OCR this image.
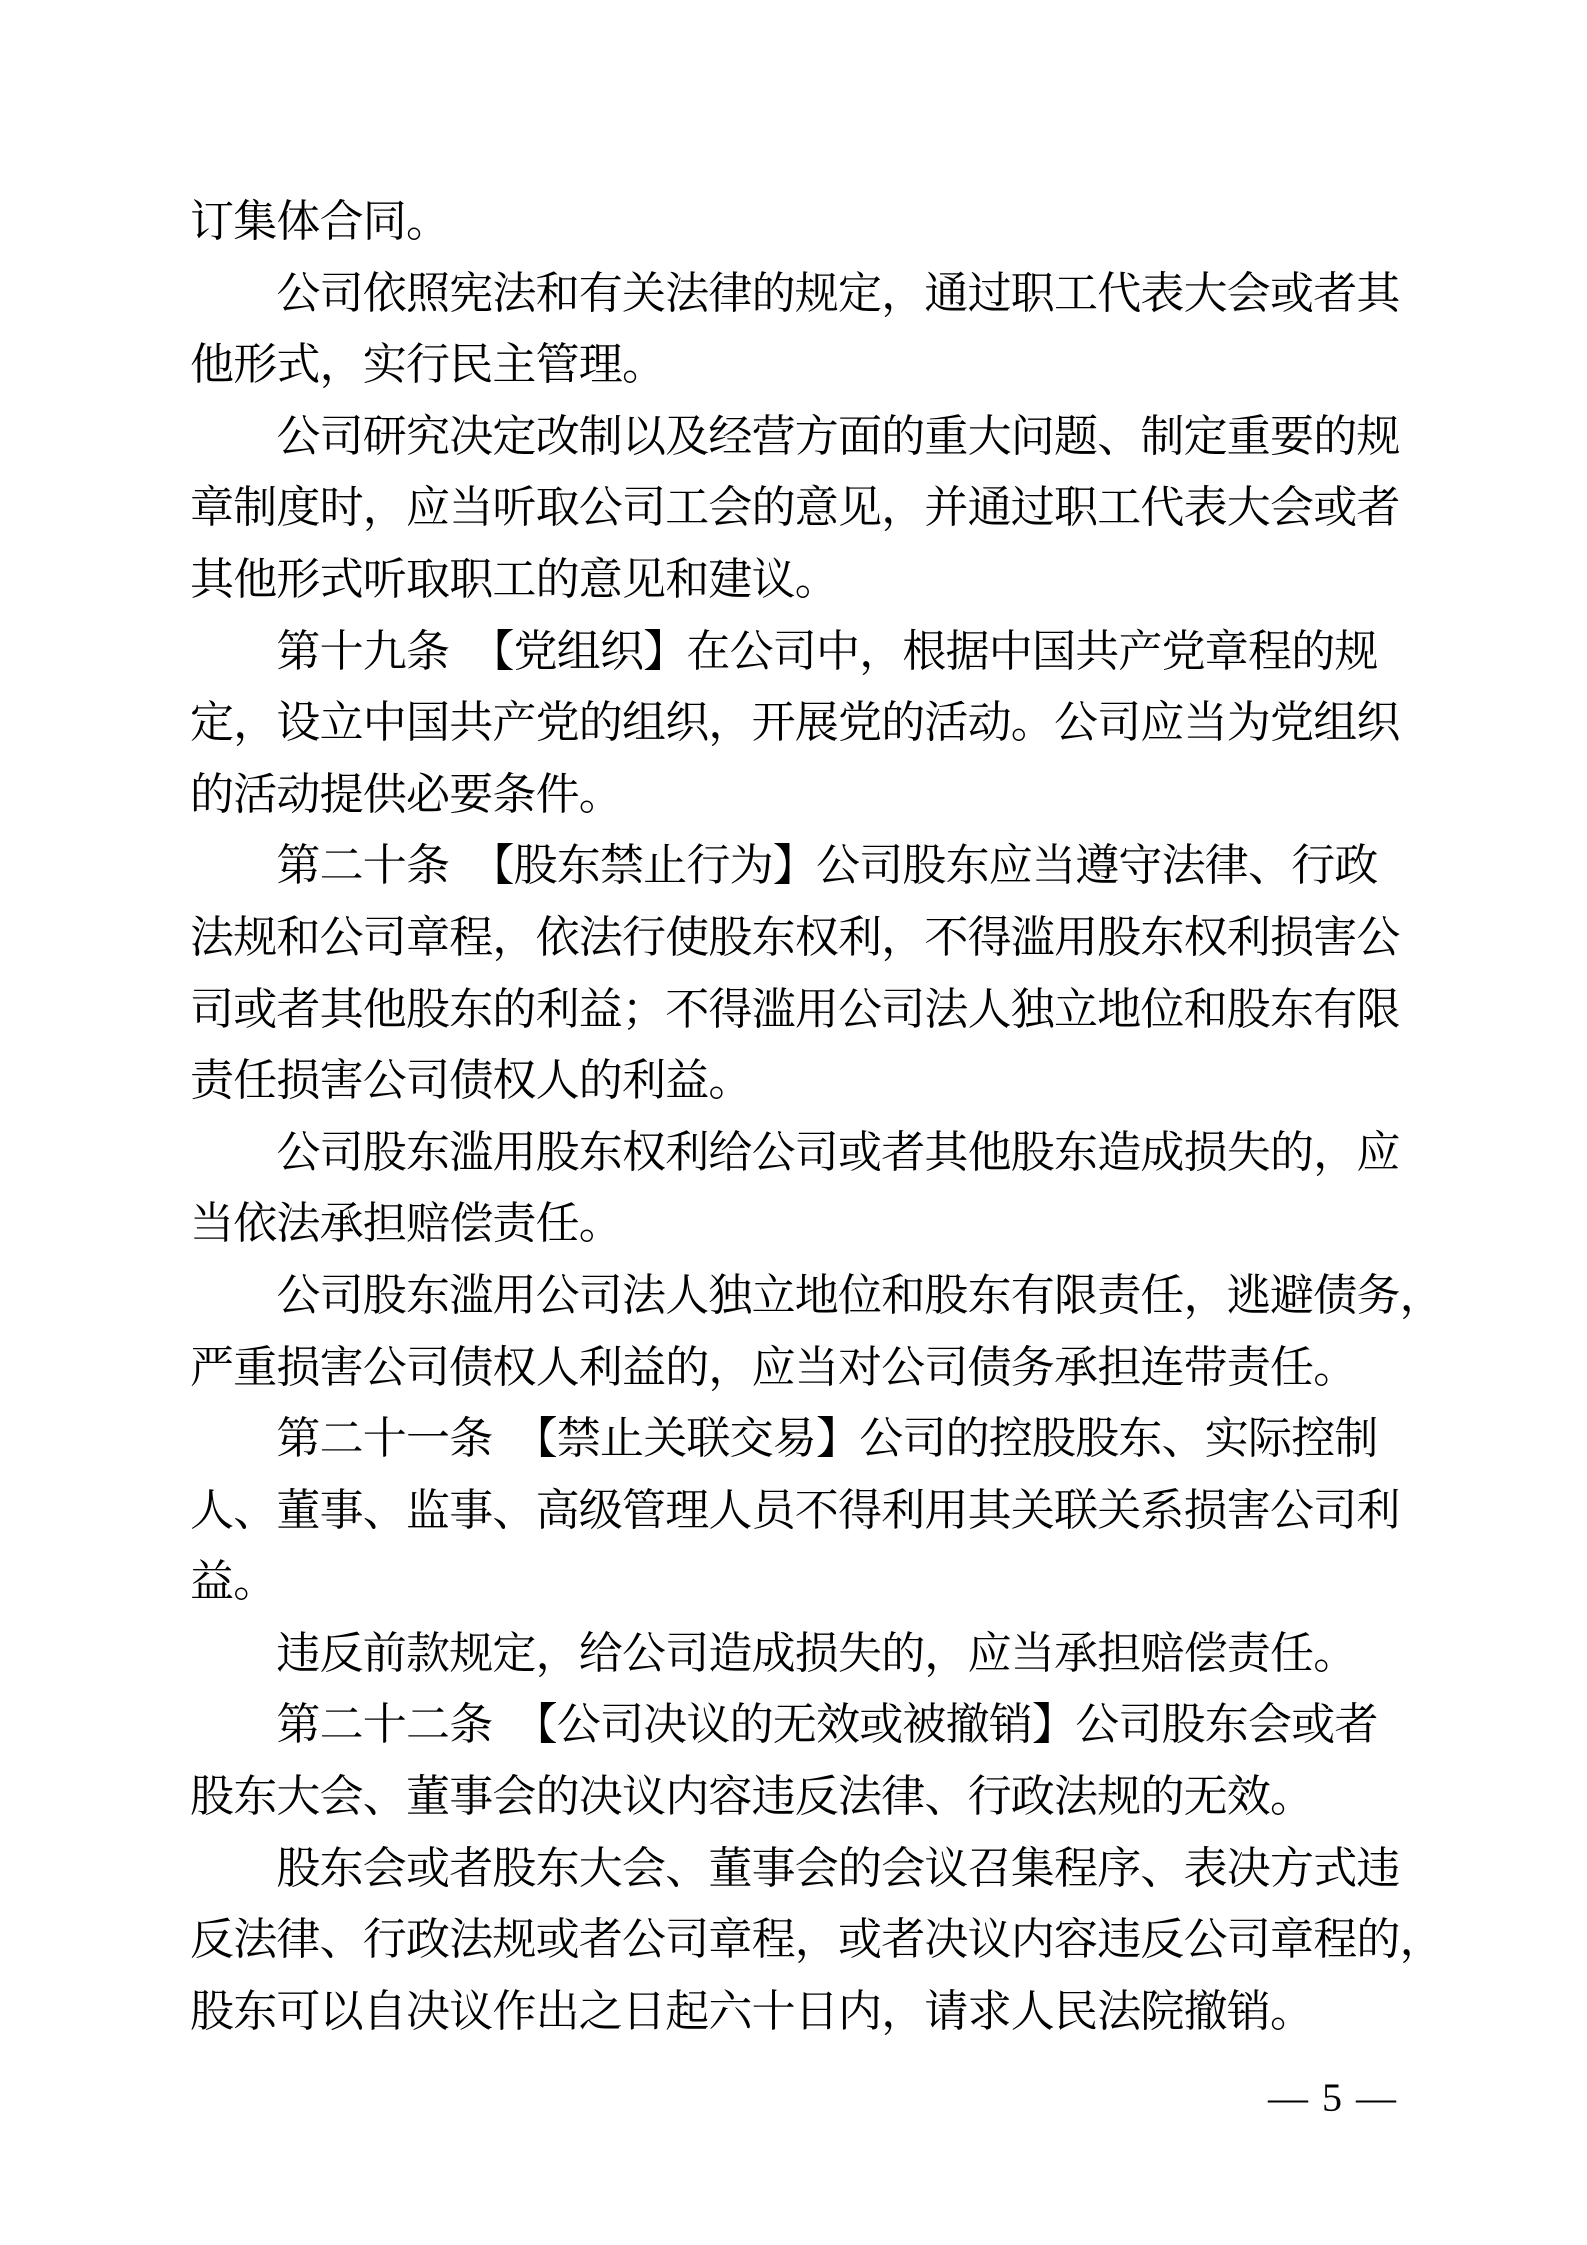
订集体合同。
　　公司依照宪法和有关法律的规定，通过职工代表大会或者其
他形式，实行民主管理。
　　公司研究决定改制以及经营方面的重大问题、制定重要的规
章制度时，应当听取公司工会的意见，并通过职工代表大会或者
其他形式听取职工的意见和建议。
　　第十九条　【党组织】在公司中，根据中国共产党章程的规
定，设立中国共产党的组织，开展党的活动。公司应当为党组织
的活动提供必要条件。
　　第二十条　【股东禁止行为】公司股东应当遵守法律、行政
法规和公司章程，依法行使股东权利，不得滥用股东权利损害公
司或者其他股东的利益；不得滥用公司法人独立地位和股东有限
责任损害公司债权人的利益。
　　公司股东滥用股东权利给公司或者其他股东造成损失的，应
当依法承担赔偿责任。
　　公司股东滥用公司法人独立地位和股东有限责任，逃避债务，
严重损害公司债权人利益的，应当对公司债务承担连带责任。
　　第二十一条　【禁止关联交易】公司的控股股东、实际控制
人、董事、监事、高级管理人员不得利用其关联关系损害公司利
益。
　　违反前款规定，给公司造成损失的，应当承担赔偿责任。
　　第二十二条　【公司决议的无效或被撤销】公司股东会或者
股东大会、董事会的决议内容违反法律、行政法规的无效。
　　股东会或者股东大会、董事会的会议召集程序、表决方式违
反法律、行政法规或者公司章程，或者决议内容违反公司章程的，
股东可以自决议作出之日起六十日内，请求人民法院撤销。
— 5 —
